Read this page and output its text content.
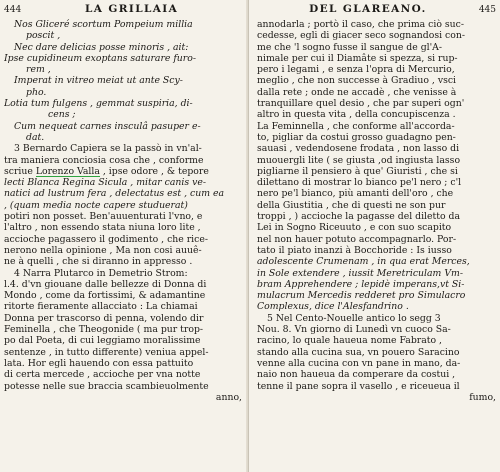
444	LA GRILLAIA
Nos Gliceré scortum Pompeium millia
poscit ,
Nec dare delicias posse minoris , ait:
Ipse cupidineum exoptans saturare furo-
rem ,
Imperat in vitreo meiat ut ante Scy-
pho.
Lotia tum fulgens , gemmat suspiria, di-
cens ;
Cum nequeat carnes insculâ pasuper e-
dat.
3 Bernardo Capiera se la passò in vn'al-
tra maniera conciosia cosa che , conforme
scriue Lorenzo Valla , ipse odore , & tepore
lecti Blanca Regina Sicula , mitar canis ve-
natici ad lustrum fera , delectatus est , cum ea
, (quam media nocte capere studuerat)
potiri non posset. Ben'auuenturati l'vno, e
l'altro , non essendo stata niuna loro lite ,
accioche pagassero il godimento , che rice-
nerono nella opinione , Ma non cosi auuê-
ne à quelli , che si diranno in appresso .
4 Narra Plutarco in Demetrio Strom:
l.4. d'vn giouane dalle bellezze di Donna di
Mondo , come da fortissimi, & adamantine
ritorte fieramente allacciato : La chiamai
Donna per trascorso di penna, volendo dir
Feminella , che Theogonide ( ma pur trop-
po dal Poeta, di cui leggiamo moralissime
sentenze , in tutto differente) veniua appel-
lata. Hor egli hauendo con essa pattuito
di certa mercede , accioche per vna notte
potesse nelle sue braccia scambieuolmente
anno,
DEL GLAREANO.	445
annodarla ; portò il caso, che prima ciò suc-
cedesse, egli di giacer seco sognandosi con-
me che 'l sogno fusse il sangue de gl'A-
nimale per cui il Diamâte si spezza, si rup-
pero i legami , e senza l'opra di Mercurio,
meglio , che non successe à Gradiuo , vsci
dalla rete ; onde ne accadè , che venisse à
tranquillare quel desio , che par superi ogn'
altro in questa vita , della concupiscenza .
La Feminnella , che conforme all'accorda-
to, pigliar da costui grosso guadagno pen-
sauasi , vedendosene frodata , non lasso di
muouergli lite ( se giusta ,od ingiusta lasso
pigliarne il pensiero à que' Giuristi , che si
dilettano di mostrar lo bianco pe'l nero ; c'l
nero pe'l bianco, più amanti dell'oro , che
della Giustitia , che di questi ne son pur
troppi , ) accioche la pagasse del diletto da
Lei in Sogno Riceuuto , e con suo scapito
nel non hauer potuto accompagnarlo. Por-
tato il piato inanzi à Bocchoride : Is iusso
adolescente Crumenam , in qua erat Merces,
in Sole extendere , iussit Meretriculam Vm-
bram Apprehendere ; lepidè imperans,vt Si-
mulacrum Mercedis redderet pro Simulacro
Complexus, dice l'Alesfandrino .
5 Nel Cento-Nouelle antico lo segg 3
Nou. 8. Vn giorno di Lunedì vn cuoco Sa-
racino, lo quale haueua nome Fabrato ,
stando alla cucina sua, vn pouero Saracino
venne alla cucina con vn pane in mano, da-
naio non haueua da comperare da costui ,
tenne il pane sopra il vasello , e riceueua il
fumo,
